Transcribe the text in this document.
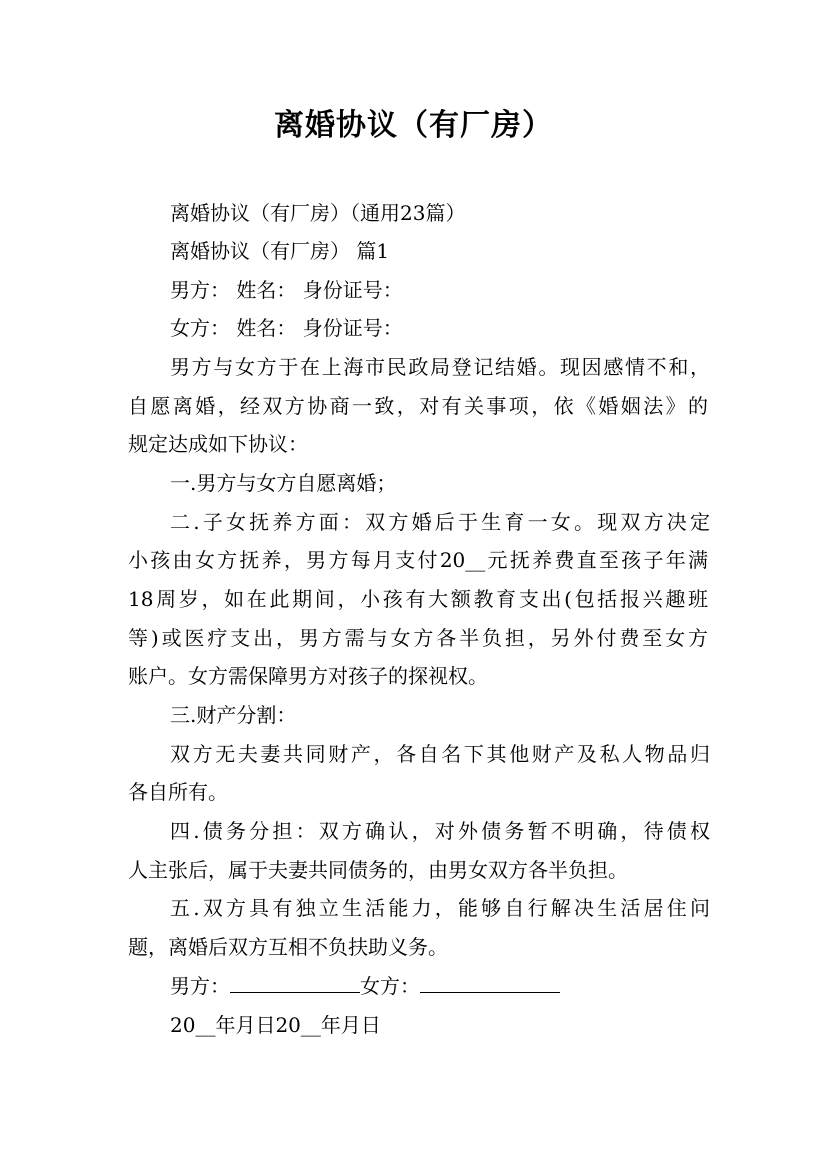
离婚协议（有厂房）
离婚协议（有厂房）（通用23篇）
离婚协议（有厂房） 篇1
男方： 姓名： 身份证号：
女方： 姓名： 身份证号：
男方与女方于在上海市民政局登记结婚。现因感情不和，
自愿离婚，经双方协商一致，对有关事项，依《婚姻法》的
规定达成如下协议：
一.男方与女方自愿离婚；
二.子女抚养方面：双方婚后于生育一女。现双方决定
小孩由女方抚养，男方每月支付20__元抚养费直至孩子年满
18周岁，如在此期间，小孩有大额教育支出(包括报兴趣班
等)或医疗支出，男方需与女方各半负担，另外付费至女方
账户。女方需保障男方对孩子的探视权。
三.财产分割：
双方无夫妻共同财产，各自名下其他财产及私人物品归
各自所有。
四.债务分担：双方确认，对外债务暂不明确，待债权
人主张后，属于夫妻共同债务的，由男女双方各半负担。
五.双方具有独立生活能力，能够自行解决生活居住问
题，离婚后双方互相不负扶助义务。
男方：	女方：
20__年月日20__年月日
